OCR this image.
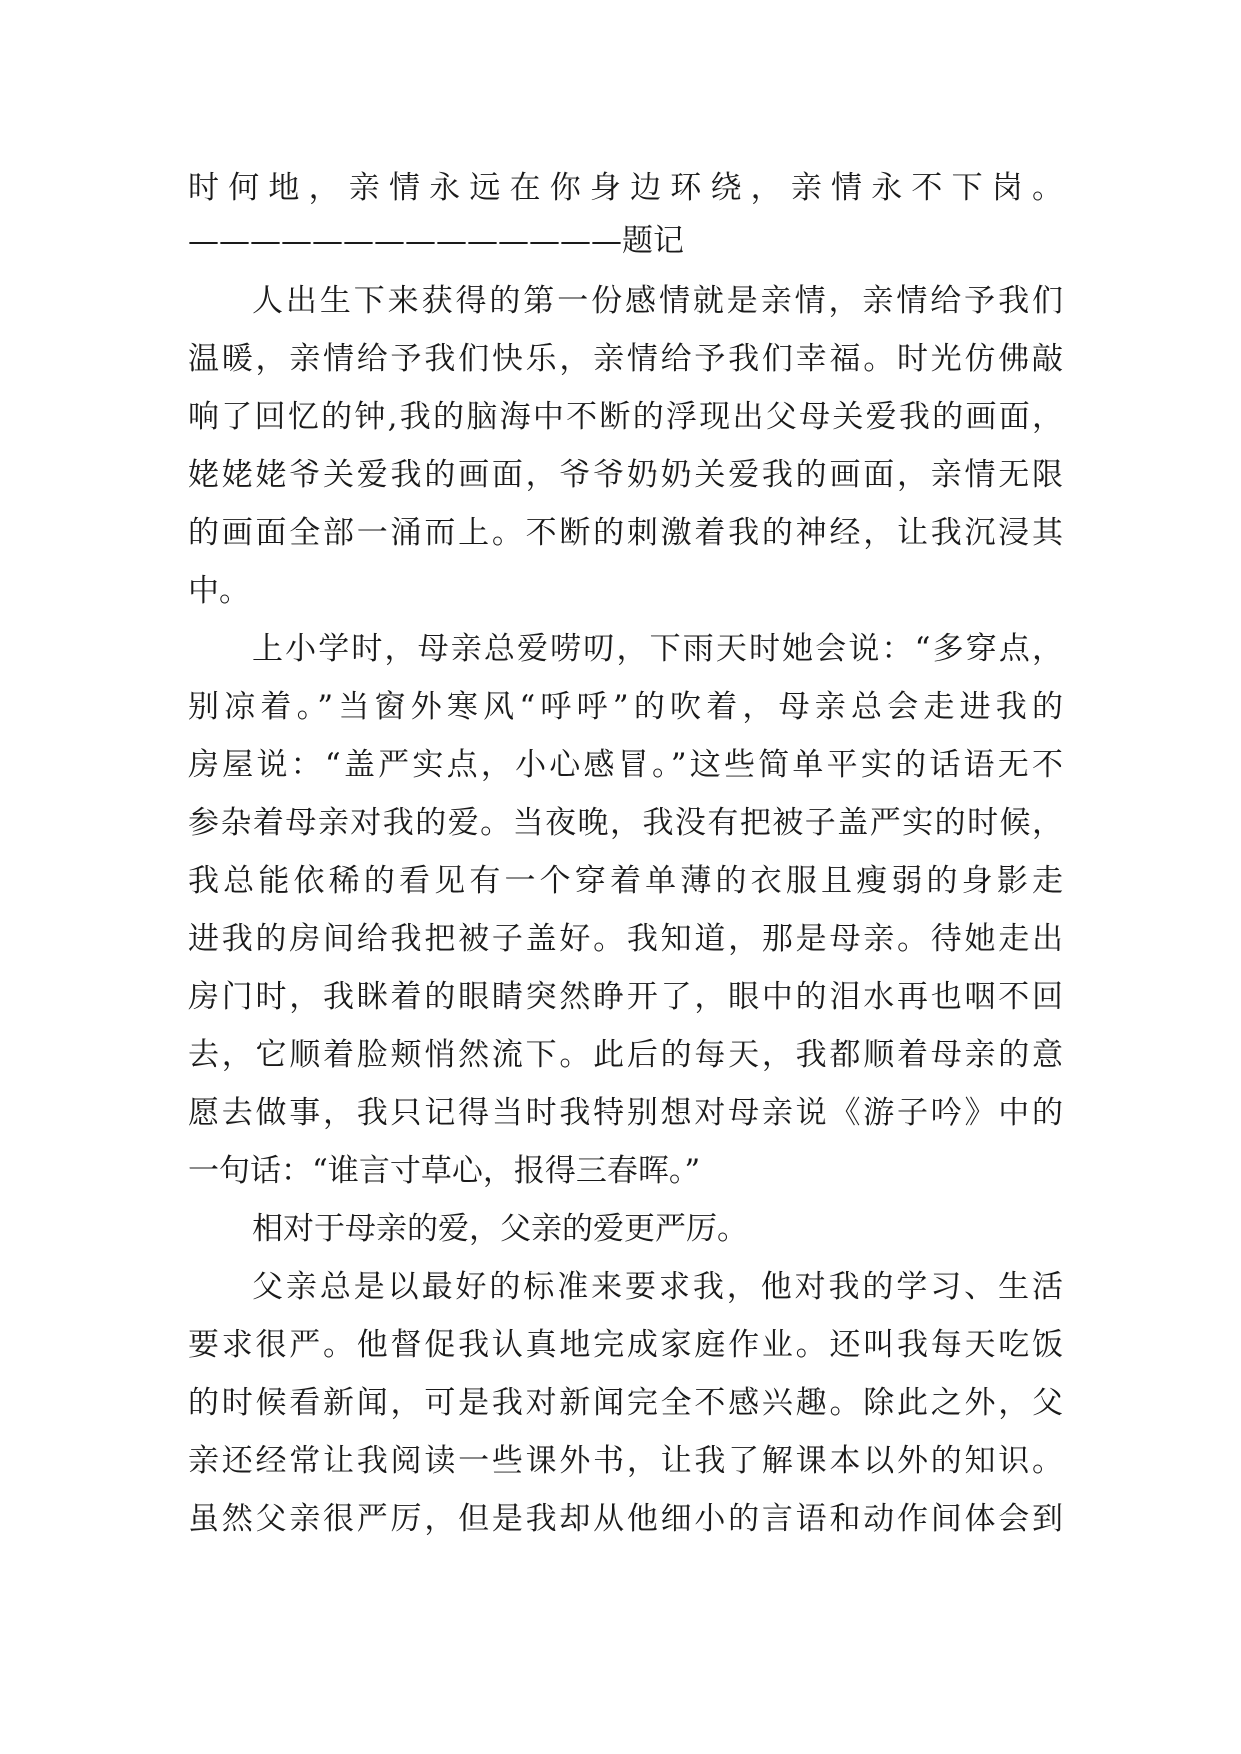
时何地，亲情永远在你身边环绕，亲情永不下岗。
——————————————题记
人出生下来获得的第一份感情就是亲情，亲情给予我们
温暖，亲情给予我们快乐，亲情给予我们幸福。时光仿佛敲
响了回忆的钟,我的脑海中不断的浮现出父母关爱我的画面，
姥姥姥爷关爱我的画面，爷爷奶奶关爱我的画面，亲情无限
的画面全部一涌而上。不断的刺激着我的神经，让我沉浸其
中。
上小学时，母亲总爱唠叨，下雨天时她会说：“多穿点，
别凉着。”当窗外寒风“呼呼”的吹着，母亲总会走进我的
房屋说：“盖严实点，小心感冒。”这些简单平实的话语无不
参杂着母亲对我的爱。当夜晚，我没有把被子盖严实的时候，
我总能依稀的看见有一个穿着单薄的衣服且瘦弱的身影走
进我的房间给我把被子盖好。我知道，那是母亲。待她走出
房门时，我眯着的眼睛突然睁开了，眼中的泪水再也咽不回
去，它顺着脸颊悄然流下。此后的每天，我都顺着母亲的意
愿去做事，我只记得当时我特别想对母亲说《游子吟》中的
一句话：“谁言寸草心，报得三春晖。”
相对于母亲的爱，父亲的爱更严厉。
父亲总是以最好的标准来要求我，他对我的学习、生活
要求很严。他督促我认真地完成家庭作业。还叫我每天吃饭
的时候看新闻，可是我对新闻完全不感兴趣。除此之外，父
亲还经常让我阅读一些课外书，让我了解课本以外的知识。
虽然父亲很严厉，但是我却从他细小的言语和动作间体会到
